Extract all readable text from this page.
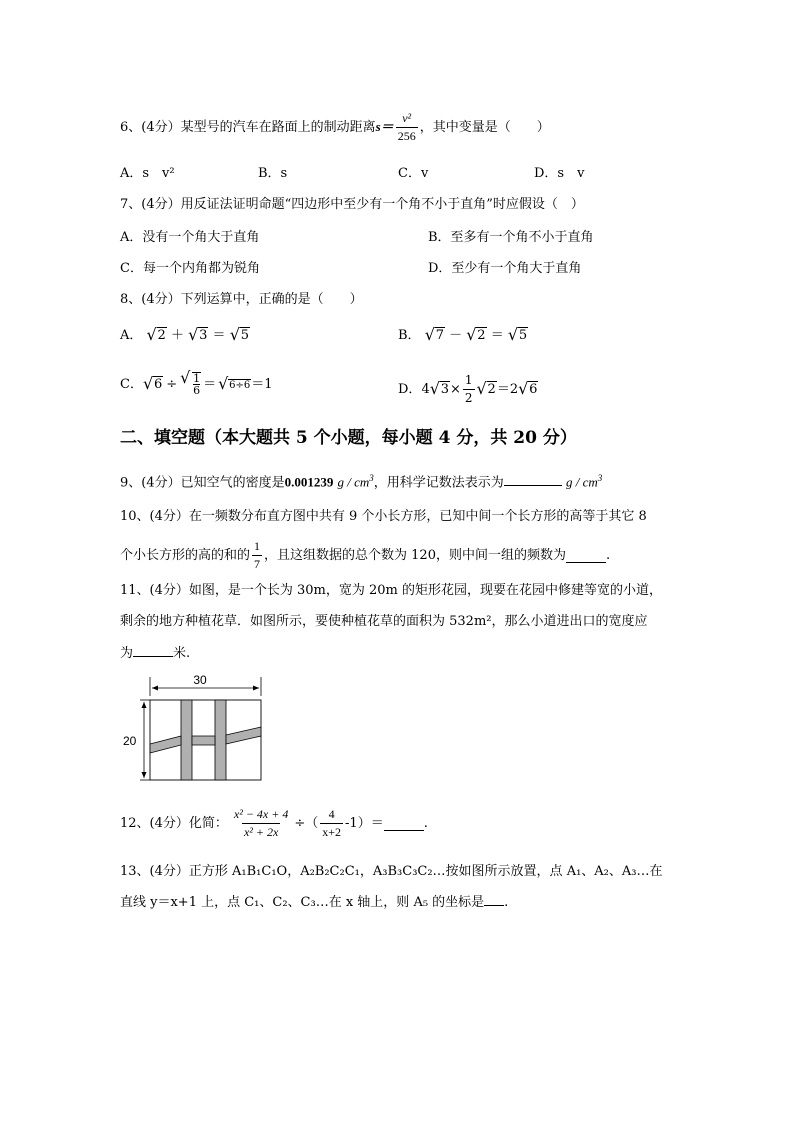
6、(4分）某型号的汽车在路面上的制动距离$s= \frac{\text{v²}}{256}$ ，其中变量是（　　）
A．s　v²	B．s	C．v	D．s　v
7、(4分）用反证法证明命题“四边形中至少有一个角不小于直角”时应假设（　）
A．没有一个角大于直角	B．至多有一个角不小于直角
C．每一个内角都为锐角	D．至少有一个角大于直角
8、(4分）下列运算中，正确的是（　　）
A． √ 2 ＋ √ 3 ＝ √ 5	B． √ 7 － √ 2 ＝ √ 5
C． √ 6 ÷ √ $\frac{1}{6}$ ＝	√ 6÷6 ＝1	D． 4 √ $3 \times \frac{1}{2}$	√ 2 ＝2 √ 6
二、填空题（本大题共 5 个小题，每小题 4 分，共 20 分）
9、(4分）已知空气的密度是0.001239 g / $cm^3$，用科学记数法表示为	g / $cm^3$
10、(4分）在一频数分布直方图中共有 9 个小长方形，已知中间一个长方形的高等于其它 8
个小长方形的高的和的 $\frac{1}{7}$ ，且这组数据的总个数为 120，则中间一组的频数为	.
11、(4分）如图，是一个长为 30m，宽为 20m 的矩形花园，现要在花园中修建等宽的小道，
剩余的地方种植花草．如图所示，要使种植花草的面积为 532m²，那么小道进出口的宽度应
为	米.
30
20
12、(4分）化简： $\frac{\text{x² − 4x + 4}}{\text{x² + 2x}}$ ÷（ $\frac{4}{x+2} -1)=$	.
13、(4分）正方形 A₁B₁C₁O，A₂B₂C₂C₁，A₃B₃C₃C₂…按如图所示放置，点 A₁、A₂、A₃…在
直线 y＝x+1 上，点 C₁、C₂、C₃…在 x 轴上，则 A₅ 的坐标是 .
